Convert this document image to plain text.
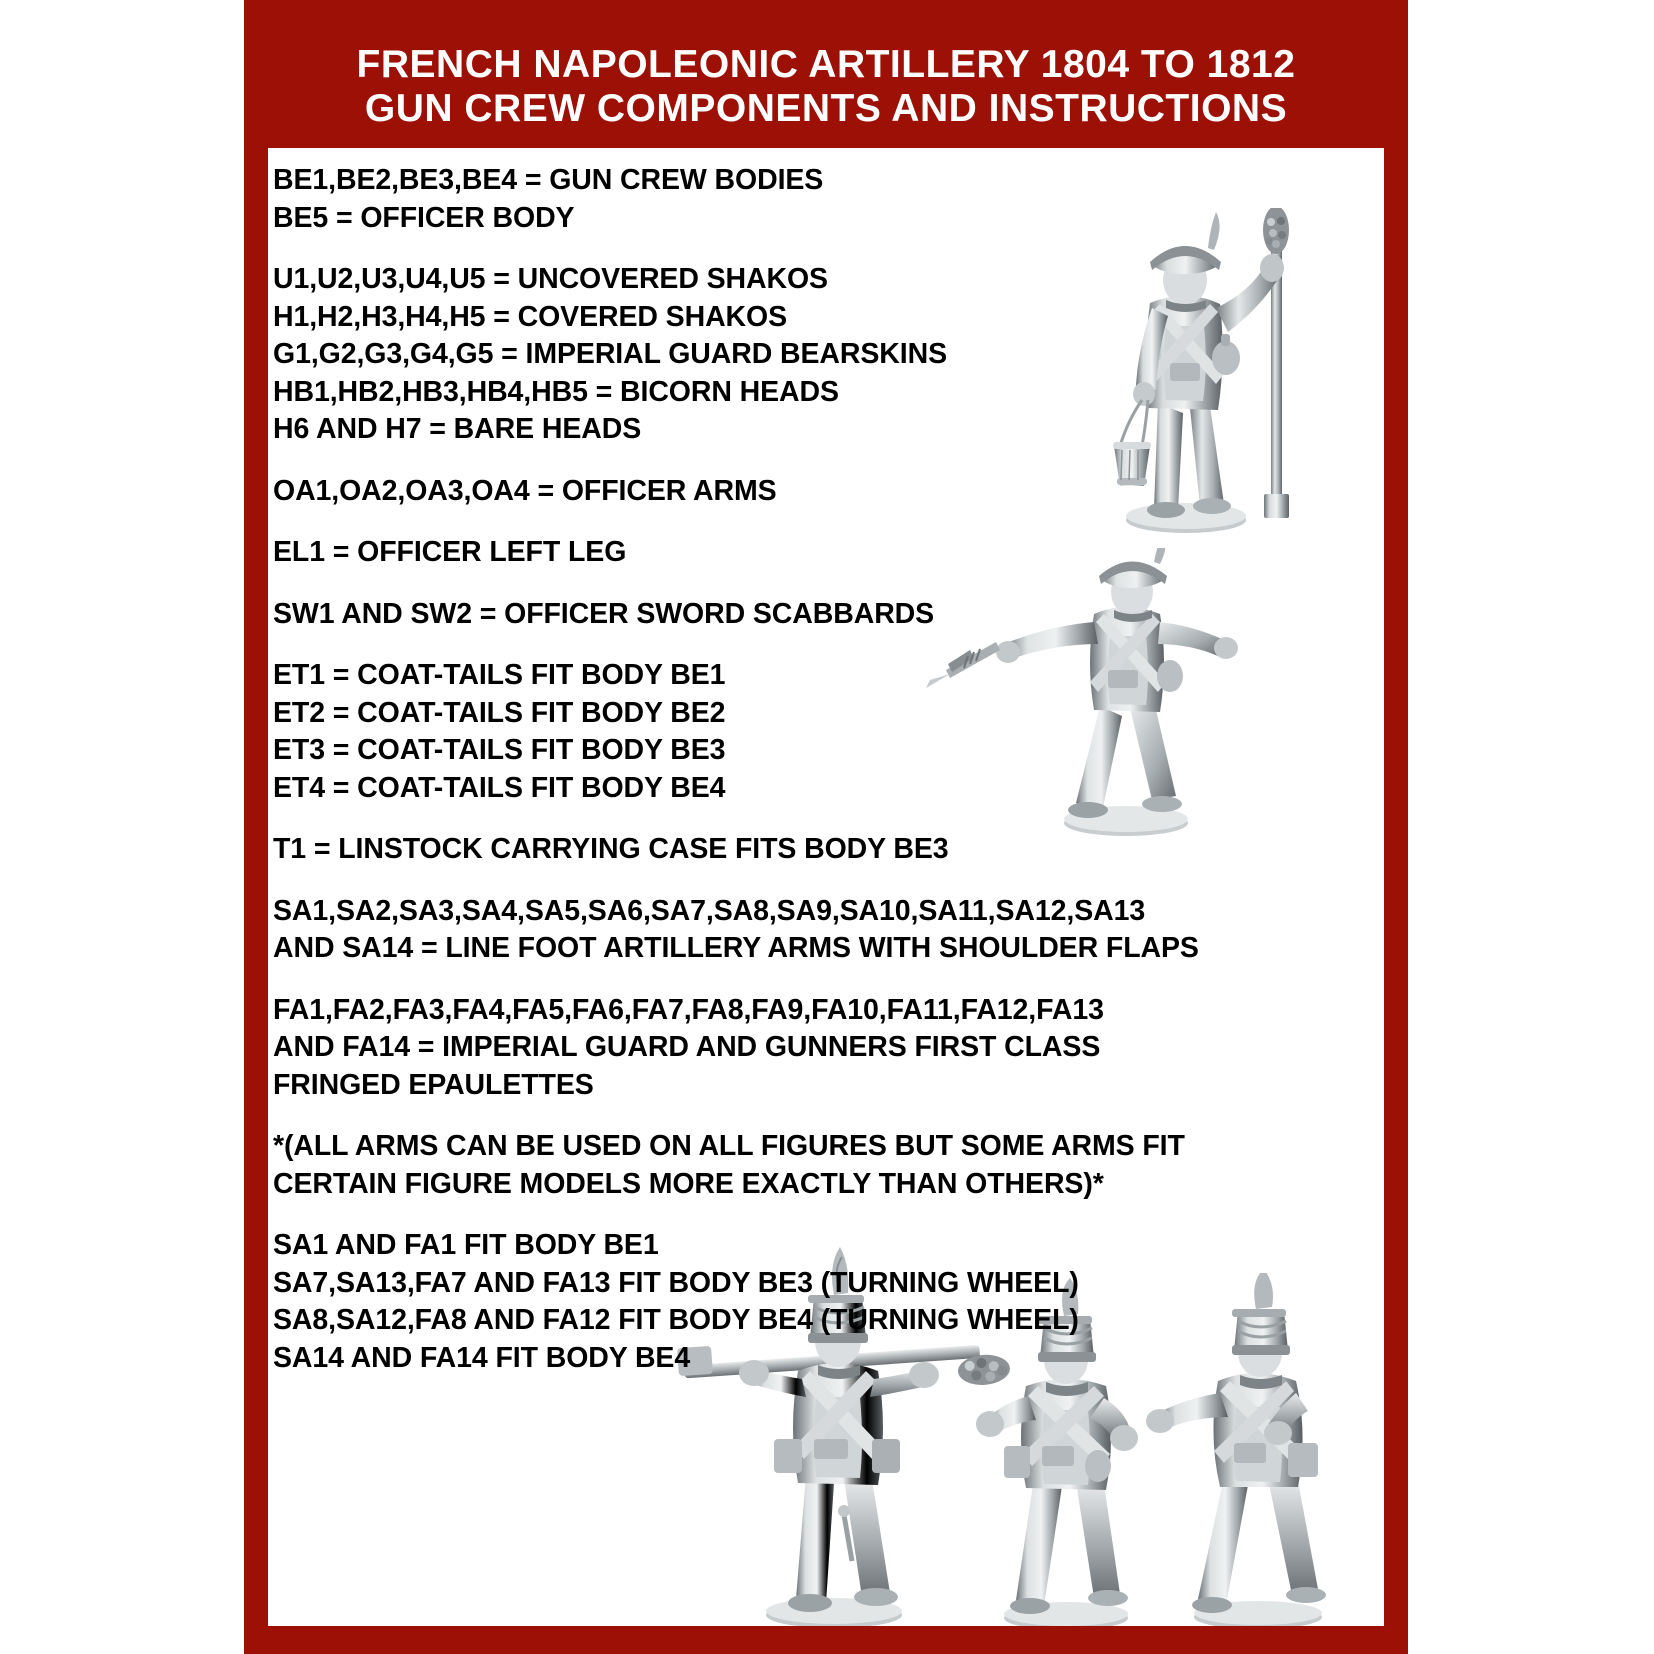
FRENCH NAPOLEONIC ARTILLERY 1804 TO 1812
GUN CREW COMPONENTS AND INSTRUCTIONS
BE1,BE2,BE3,BE4 = GUN CREW BODIES
BE5 = OFFICER BODY
U1,U2,U3,U4,U5 = UNCOVERED SHAKOS
H1,H2,H3,H4,H5 = COVERED SHAKOS
G1,G2,G3,G4,G5 = IMPERIAL GUARD BEARSKINS
HB1,HB2,HB3,HB4,HB5 = BICORN HEADS
H6 AND H7 = BARE HEADS
OA1,OA2,OA3,OA4 = OFFICER ARMS
EL1 = OFFICER LEFT LEG
SW1 AND SW2 = OFFICER SWORD SCABBARDS
ET1 = COAT-TAILS FIT BODY BE1
ET2 = COAT-TAILS FIT BODY BE2
ET3 = COAT-TAILS FIT BODY BE3
ET4 = COAT-TAILS FIT BODY BE4
T1 = LINSTOCK CARRYING CASE FITS BODY BE3
SA1,SA2,SA3,SA4,SA5,SA6,SA7,SA8,SA9,SA10,SA11,SA12,SA13
AND SA14 = LINE FOOT ARTILLERY ARMS WITH SHOULDER FLAPS
FA1,FA2,FA3,FA4,FA5,FA6,FA7,FA8,FA9,FA10,FA11,FA12,FA13
AND FA14 = IMPERIAL GUARD AND GUNNERS FIRST CLASS
FRINGED EPAULETTES
*(ALL ARMS CAN BE USED ON ALL FIGURES BUT SOME ARMS FIT
CERTAIN FIGURE MODELS MORE EXACTLY THAN OTHERS)*
SA1 AND FA1 FIT BODY BE1
SA7,SA13,FA7 AND FA13 FIT BODY BE3 (TURNING WHEEL)
SA8,SA12,FA8 AND FA12 FIT BODY BE4 (TURNING WHEEL)
SA14 AND FA14 FIT BODY BE4
